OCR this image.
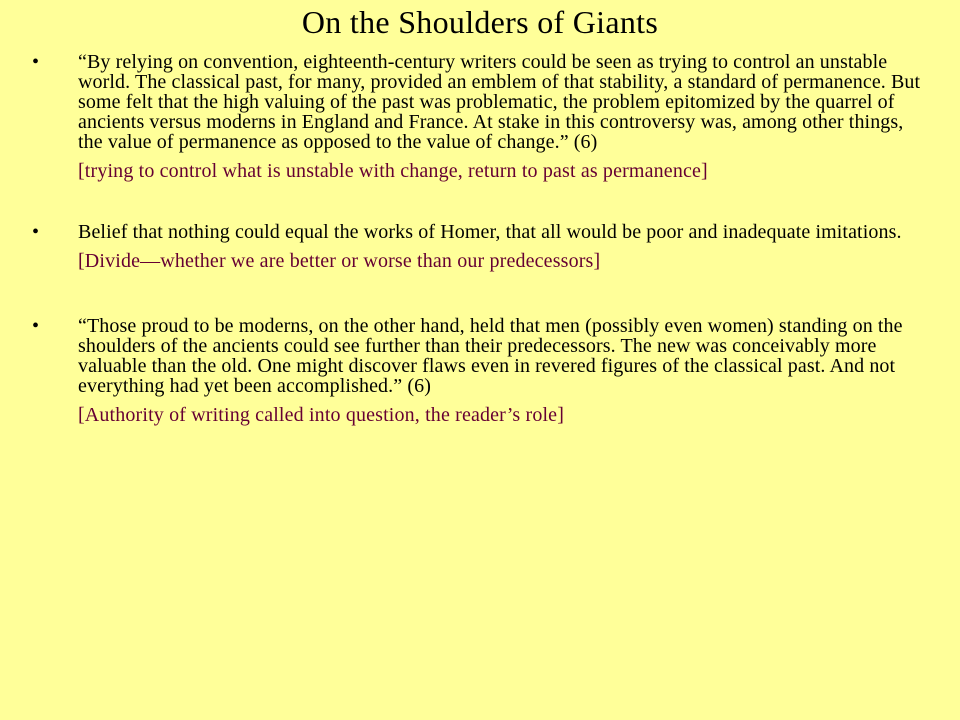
On the Shoulders of Giants
•	“By relying on convention, eighteenth-century writers could be seen as trying to control an unstable world. The classical past, for many, provided an emblem of that stability, a standard of permanence. But some felt that the high valuing of the past was problematic, the problem epitomized by the quarrel of ancients versus moderns in England and France. At stake in this controversy was, among other things, the value of permanence as opposed to the value of change.” (6)
[trying to control what is unstable with change, return to past as permanence]
•	Belief that nothing could equal the works of Homer, that all would be poor and inadequate imitations.
[Divide—whether we are better or worse than our predecessors]
•	“Those proud to be moderns, on the other hand, held that men (possibly even women) standing on the shoulders of the ancients could see further than their predecessors. The new was conceivably more valuable than the old. One might discover flaws even in revered figures of the classical past. And not everything had yet been accomplished.” (6)
[Authority of writing called into question, the reader’s role]
